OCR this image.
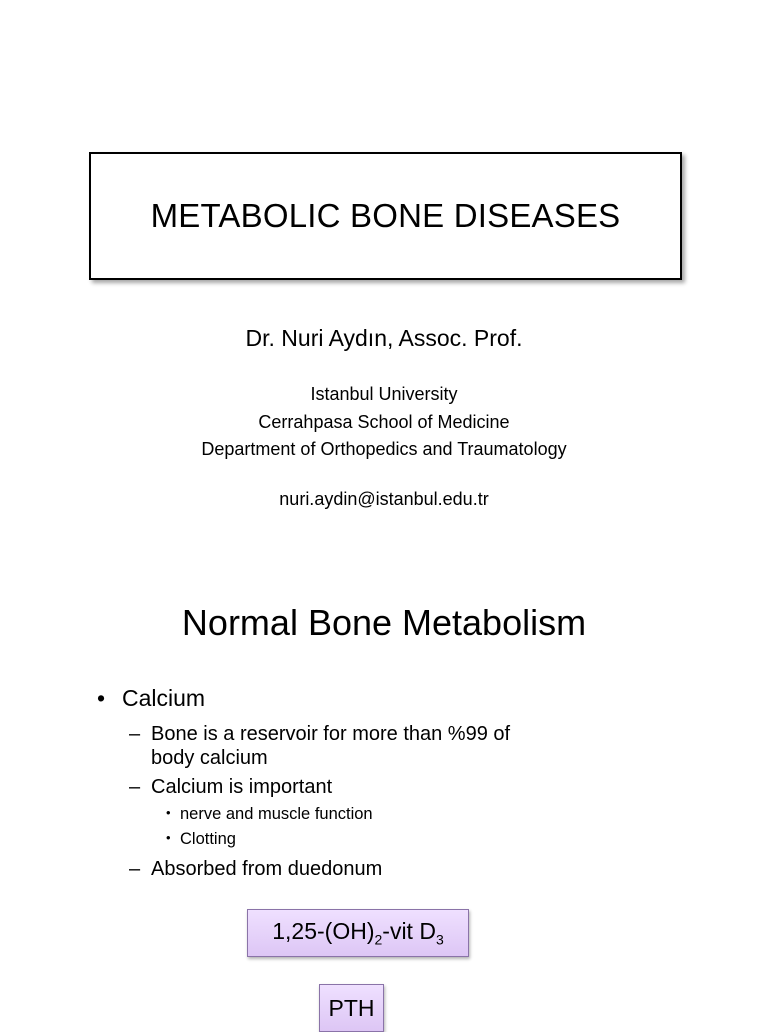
METABOLIC BONE DISEASES
Dr. Nuri Aydın, Assoc. Prof.
Istanbul University
Cerrahpasa School of Medicine
Department of Orthopedics and Traumatology
nuri.aydin@istanbul.edu.tr
Normal Bone Metabolism
• Calcium
– Bone is a reservoir for more than %99 of
body calcium
– Calcium is important
• nerve and muscle function
• Clotting
– Absorbed from duedonum
$1,25-(OH)_2$-vit $D_3$
PTH
